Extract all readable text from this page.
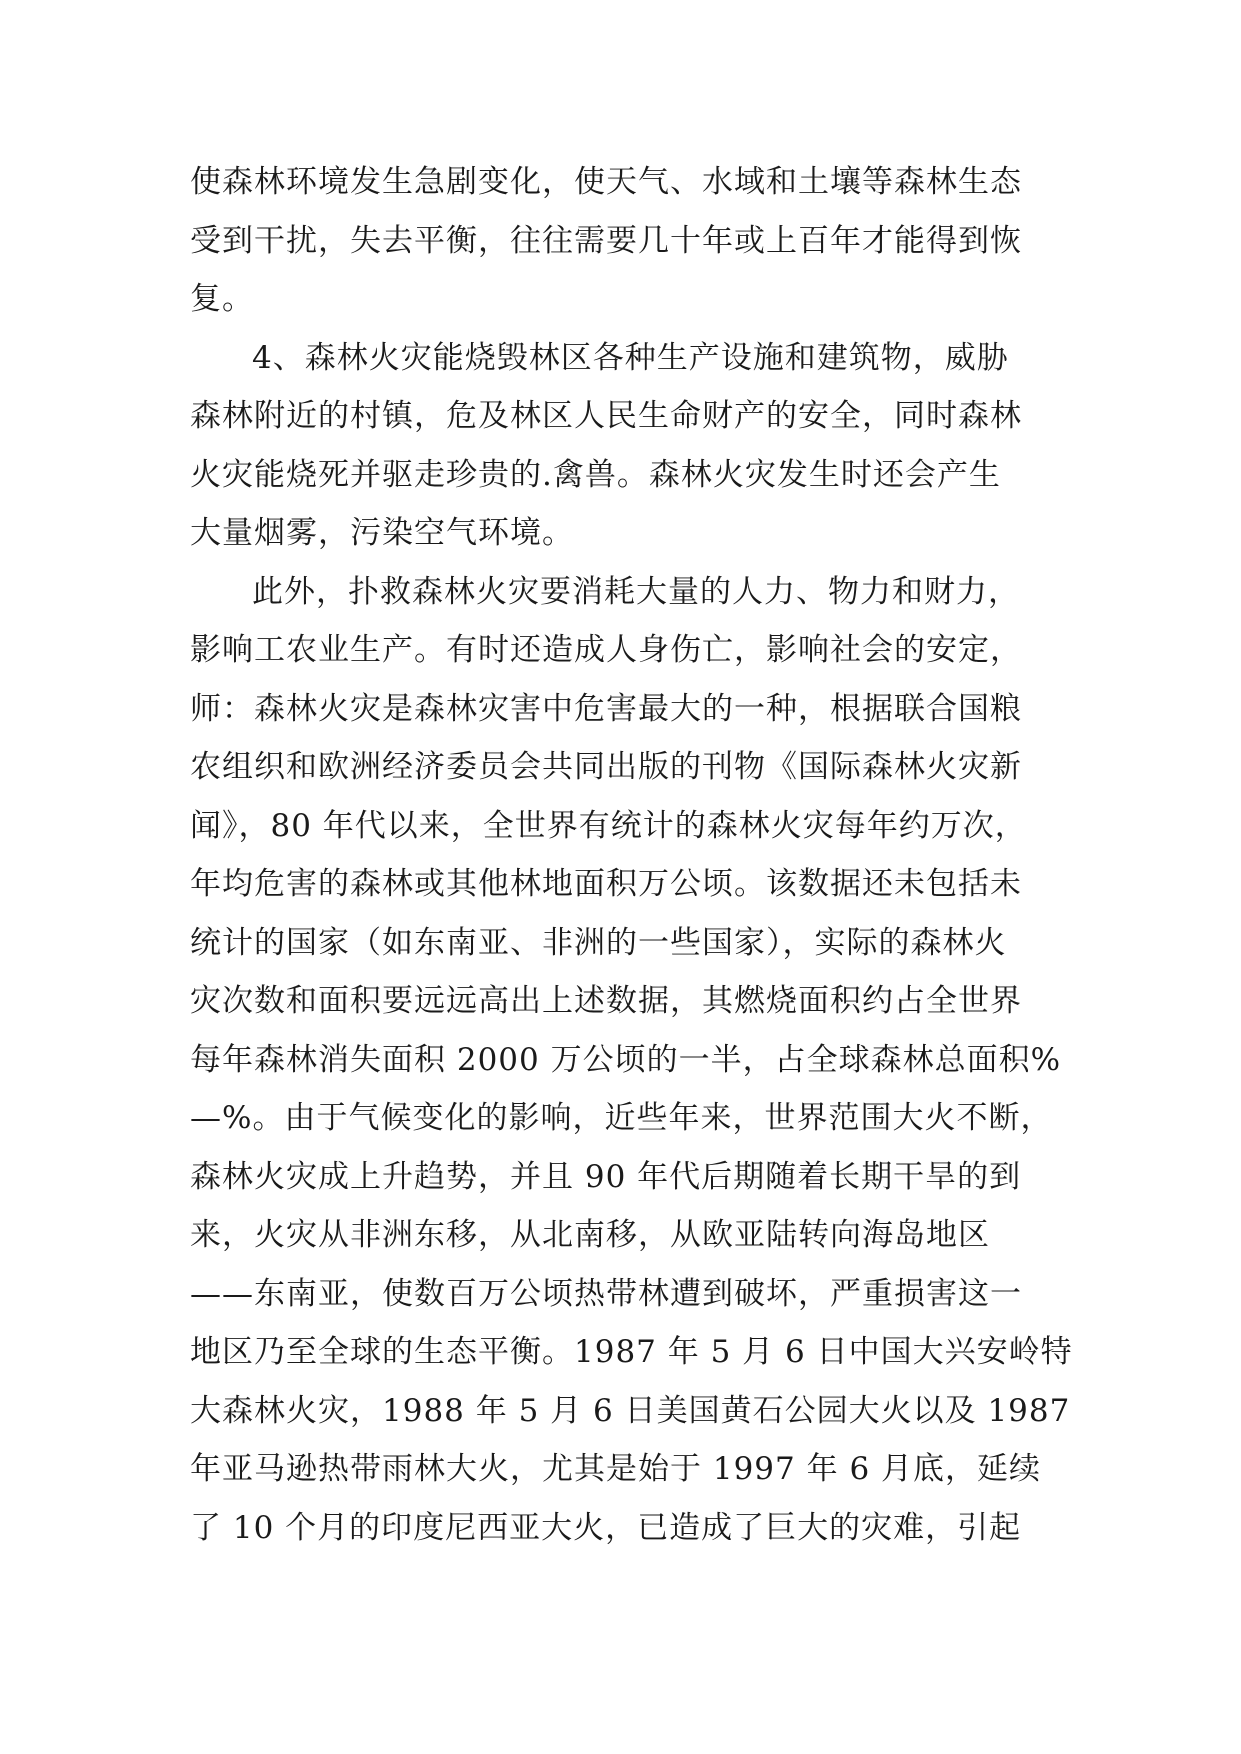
使森林环境发生急剧变化，使天气、水域和土壤等森林生态
受到干扰，失去平衡，往往需要几十年或上百年才能得到恢
复。
4、森林火灾能烧毁林区各种生产设施和建筑物，威胁
森林附近的村镇，危及林区人民生命财产的安全，同时森林
火灾能烧死并驱走珍贵的.禽兽。森林火灾发生时还会产生
大量烟雾，污染空气环境。
此外，扑救森林火灾要消耗大量的人力、物力和财力，
影响工农业生产。有时还造成人身伤亡，影响社会的安定，
师：森林火灾是森林灾害中危害最大的一种，根据联合国粮
农组织和欧洲经济委员会共同出版的刊物《国际森林火灾新
闻》，80 年代以来，全世界有统计的森林火灾每年约万次，
年均危害的森林或其他林地面积万公顷。该数据还未包括未
统计的国家（如东南亚、非洲的一些国家），实际的森林火
灾次数和面积要远远高出上述数据，其燃烧面积约占全世界
每年森林消失面积 2000 万公顷的一半，占全球森林总面积%
—%。由于气候变化的影响，近些年来，世界范围大火不断，
森林火灾成上升趋势，并且 90 年代后期随着长期干旱的到
来，火灾从非洲东移，从北南移，从欧亚陆转向海岛地区
——东南亚，使数百万公顷热带林遭到破坏，严重损害这一
地区乃至全球的生态平衡。1987 年 5 月 6 日中国大兴安岭特
大森林火灾，1988 年 5 月 6 日美国黄石公园大火以及 1987
年亚马逊热带雨林大火，尤其是始于 1997 年 6 月底，延续
了 10 个月的印度尼西亚大火，已造成了巨大的灾难，引起
